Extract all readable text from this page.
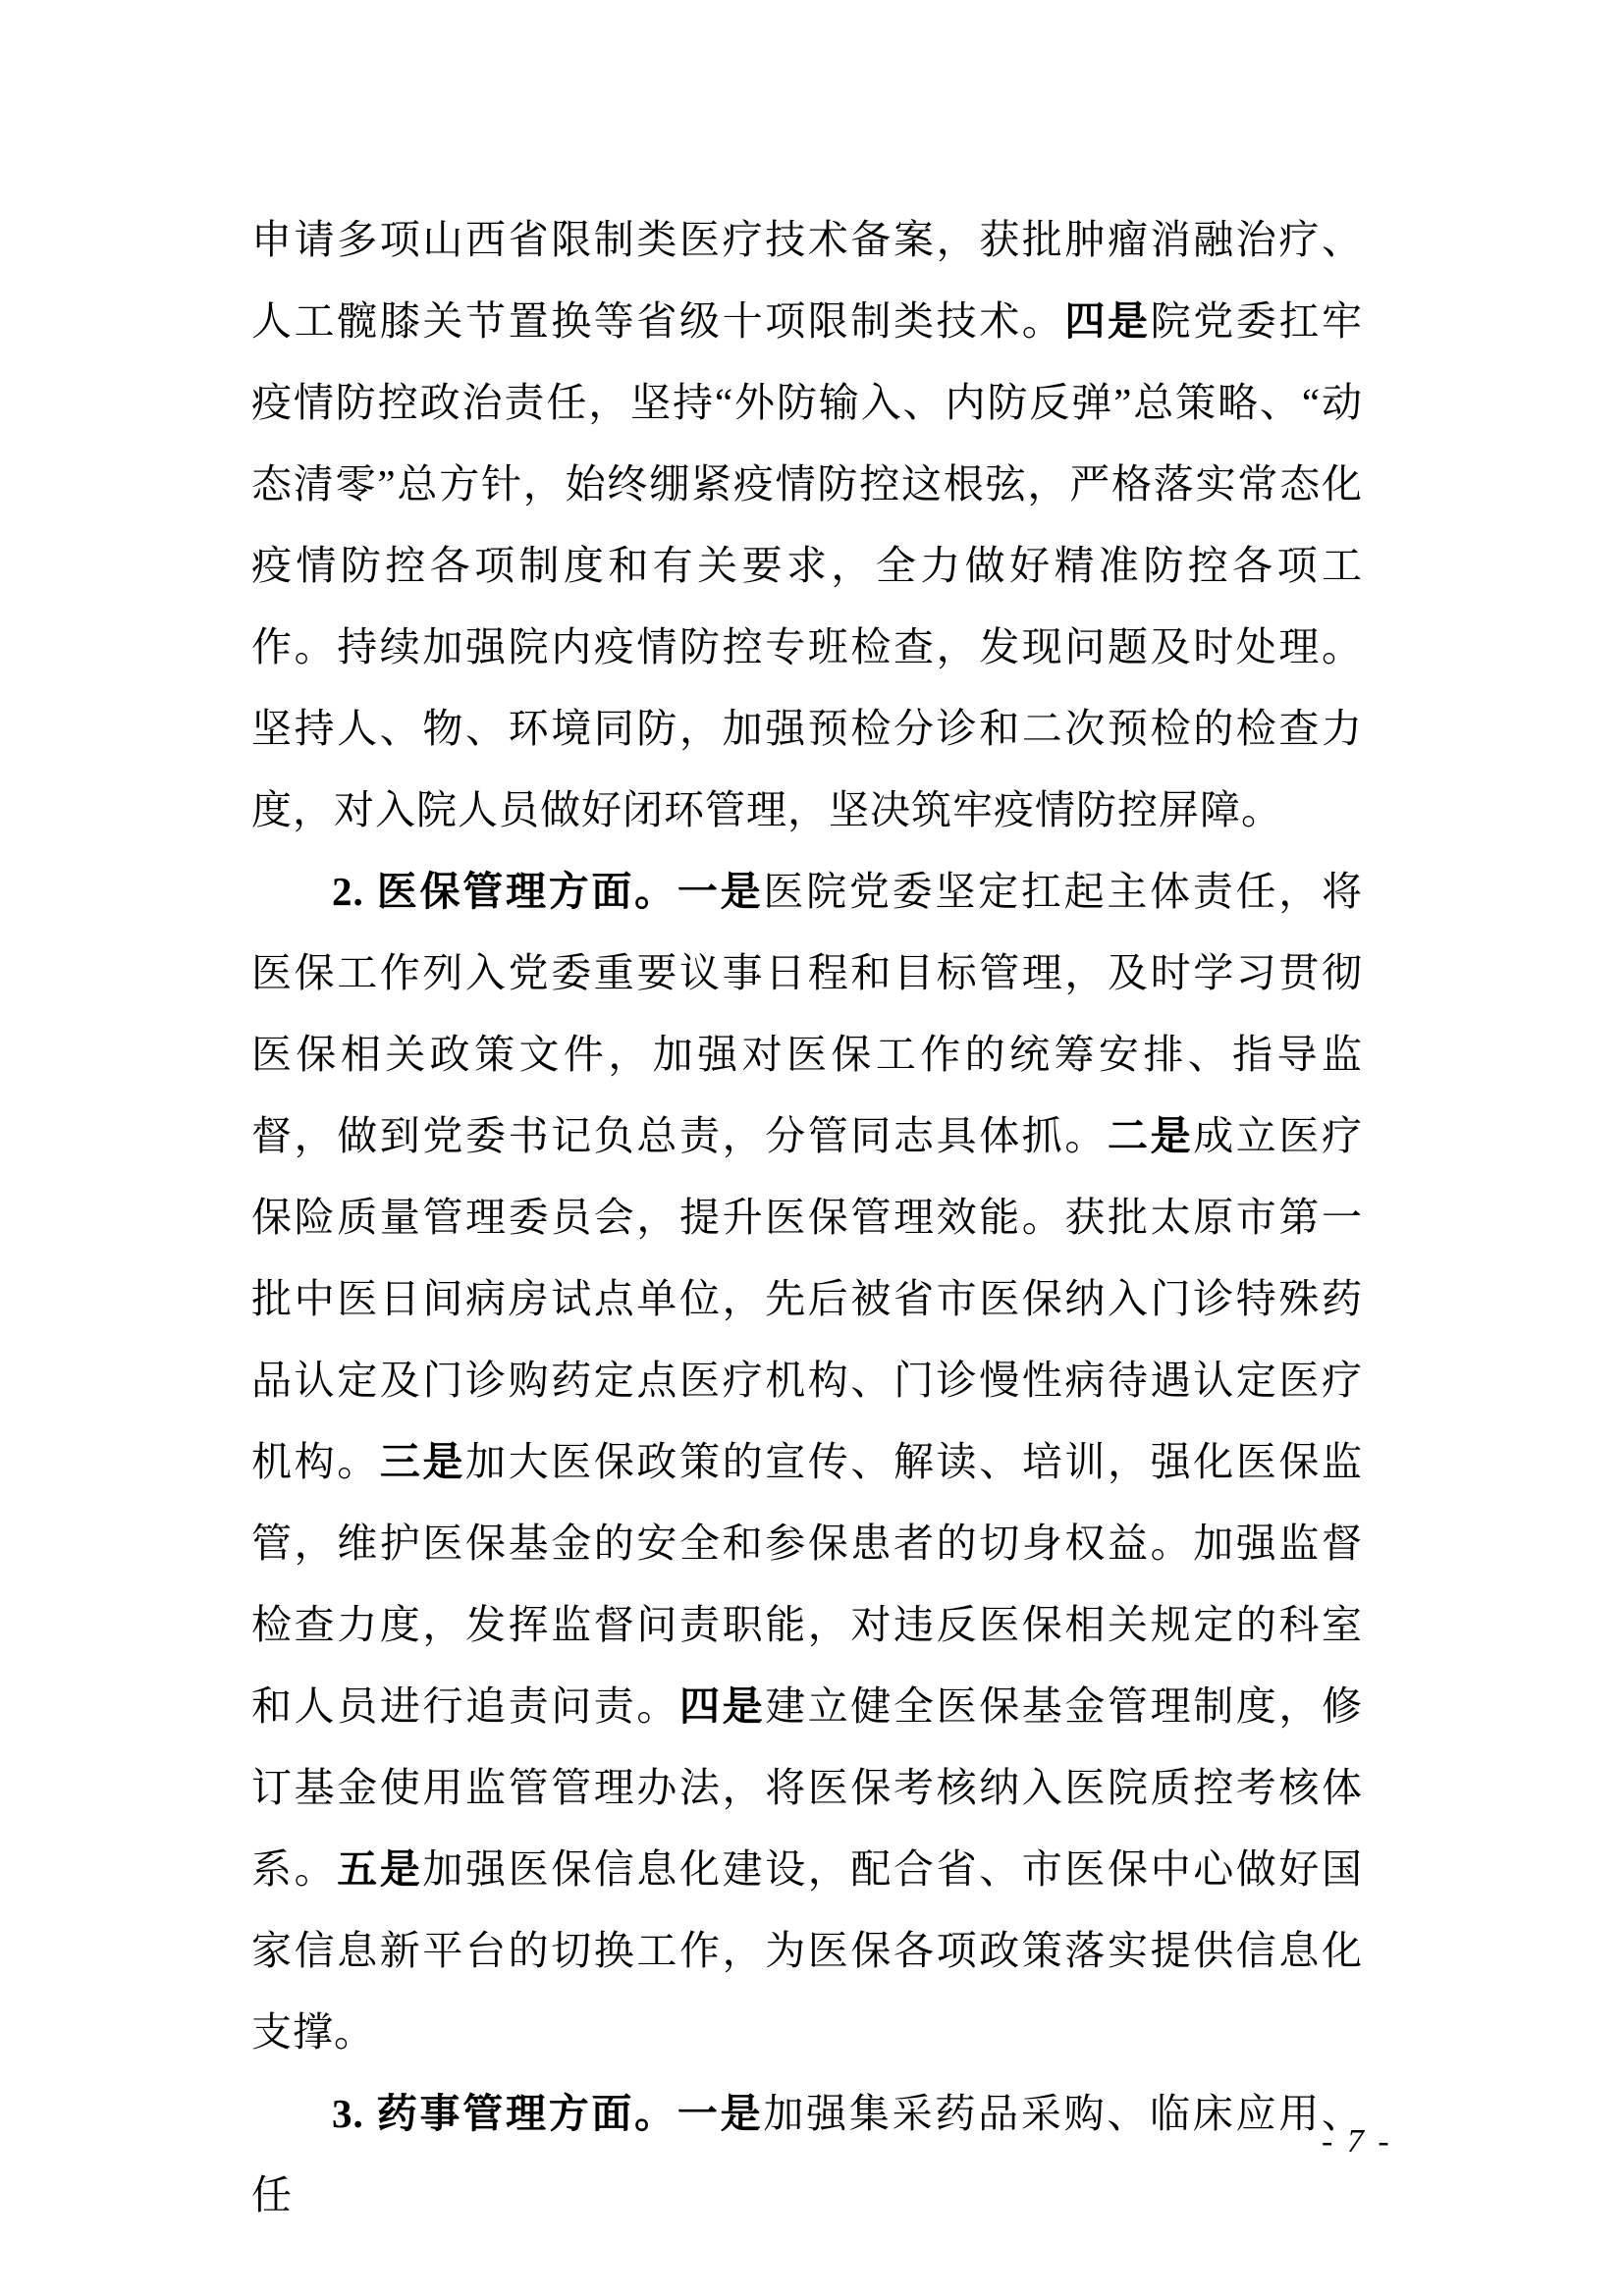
申请多项山西省限制类医疗技术备案，获批肿瘤消融治疗、人工髋膝关节置换等省级十项限制类技术。四是院党委扛牢疫情防控政治责任，坚持“外防输入、内防反弹”总策略、“动态清零”总方针，始终绷紧疫情防控这根弦，严格落实常态化疫情防控各项制度和有关要求，全力做好精准防控各项工作。持续加强院内疫情防控专班检查，发现问题及时处理。坚持人、物、环境同防，加强预检分诊和二次预检的检查力度，对入院人员做好闭环管理，坚决筑牢疫情防控屏障。

2. 医保管理方面。一是医院党委坚定扛起主体责任，将医保工作列入党委重要议事日程和目标管理，及时学习贯彻医保相关政策文件，加强对医保工作的统筹安排、指导监督，做到党委书记负总责，分管同志具体抓。二是成立医疗保险质量管理委员会，提升医保管理效能。获批太原市第一批中医日间病房试点单位，先后被省市医保纳入门诊特殊药品认定及门诊购药定点医疗机构、门诊慢性病待遇认定医疗机构。三是加大医保政策的宣传、解读、培训，强化医保监管，维护医保基金的安全和参保患者的切身权益。加强监督检查力度，发挥监督问责职能，对违反医保相关规定的科室和人员进行追责问责。四是建立健全医保基金管理制度，修订基金使用监管管理办法，将医保考核纳入医院质控考核体系。五是加强医保信息化建设，配合省、市医保中心做好国家信息新平台的切换工作，为医保各项政策落实提供信息化支撑。

3. 药事管理方面。一是加强集采药品采购、临床应用、任

- 7 -
